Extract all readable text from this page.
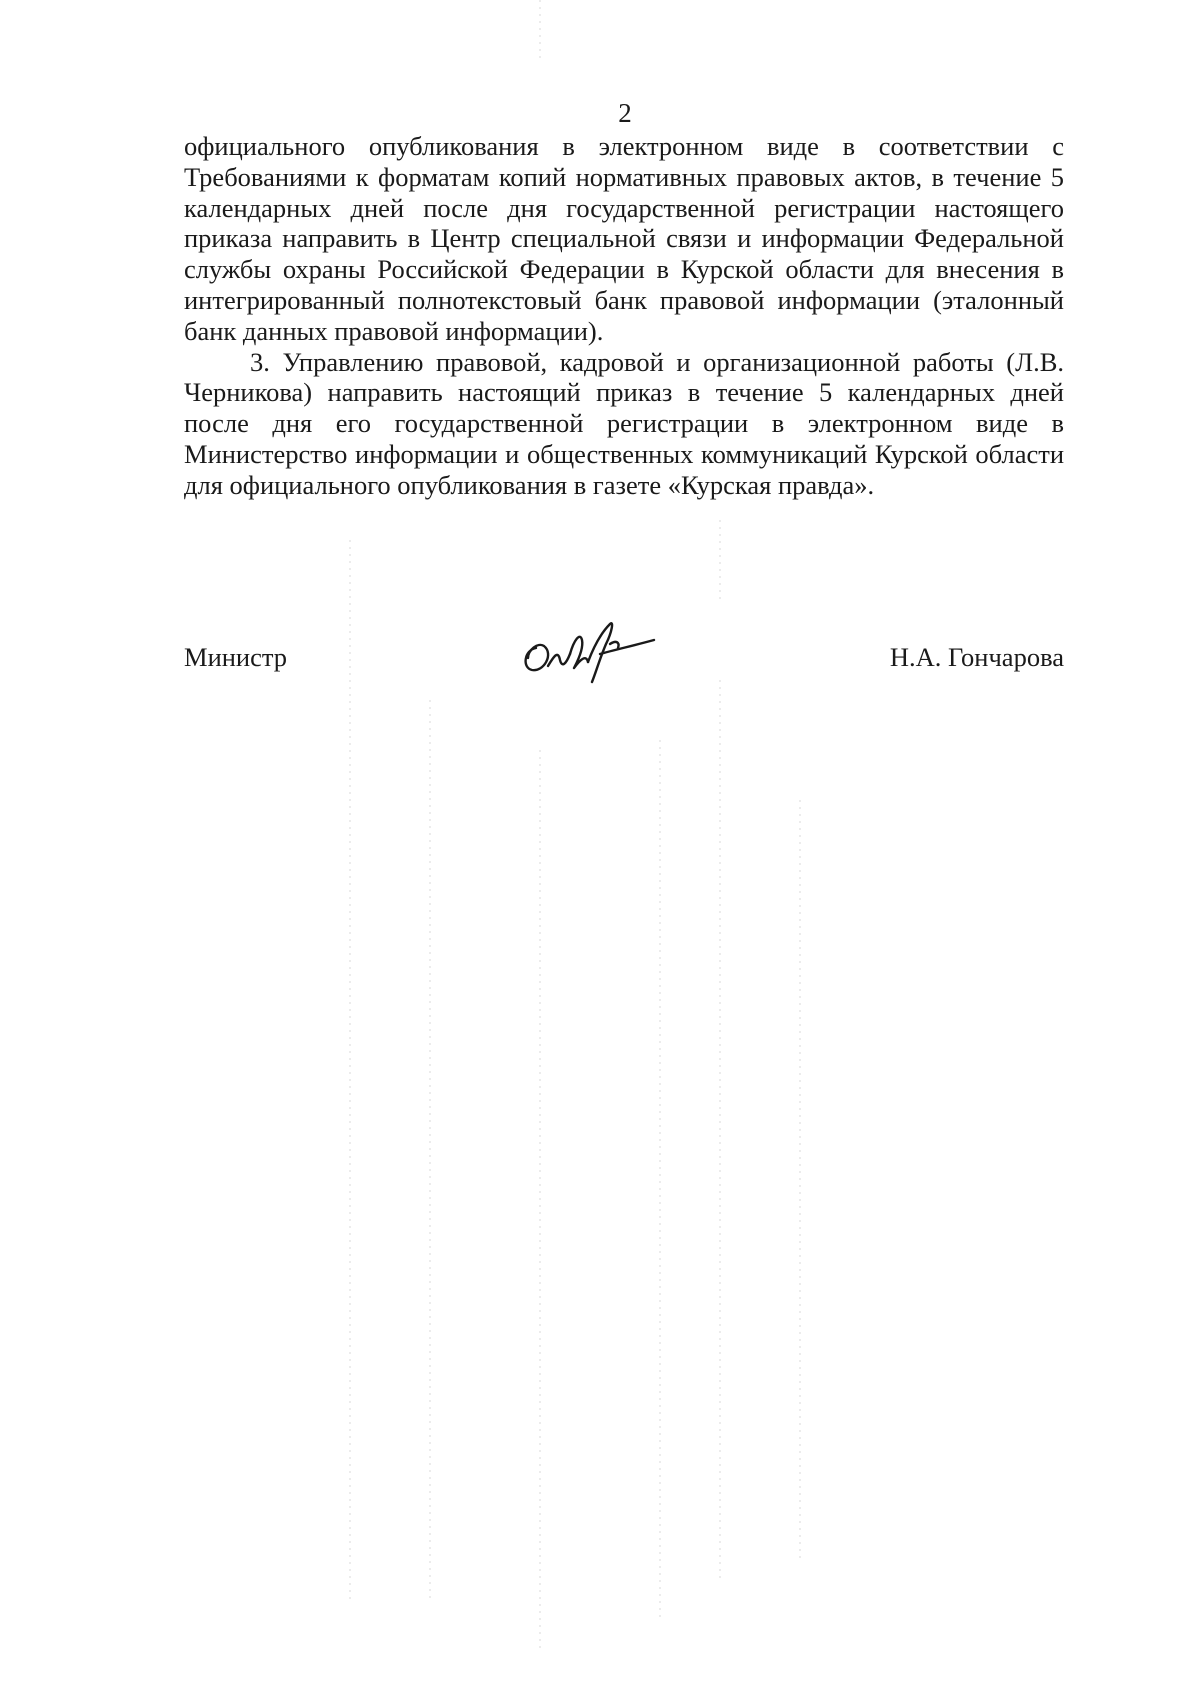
2

официального опубликования в электронном виде в соответствии с Требованиями к форматам копий нормативных правовых актов, в течение 5 календарных дней после дня государственной регистрации настоящего приказа направить в Центр специальной связи и информации Федеральной службы охраны Российской Федерации в Курской области для внесения в интегрированный полнотекстовый банк правовой информации (эталонный банк данных правовой информации).

3. Управлению правовой, кадровой и организационной работы (Л.В. Черникова) направить настоящий приказ в течение 5 календарных дней после дня его государственной регистрации в электронном виде в Министерство информации и общественных коммуникаций Курской области для официального опубликования в газете «Курская правда».

Министр	Н.А. Гончарова
